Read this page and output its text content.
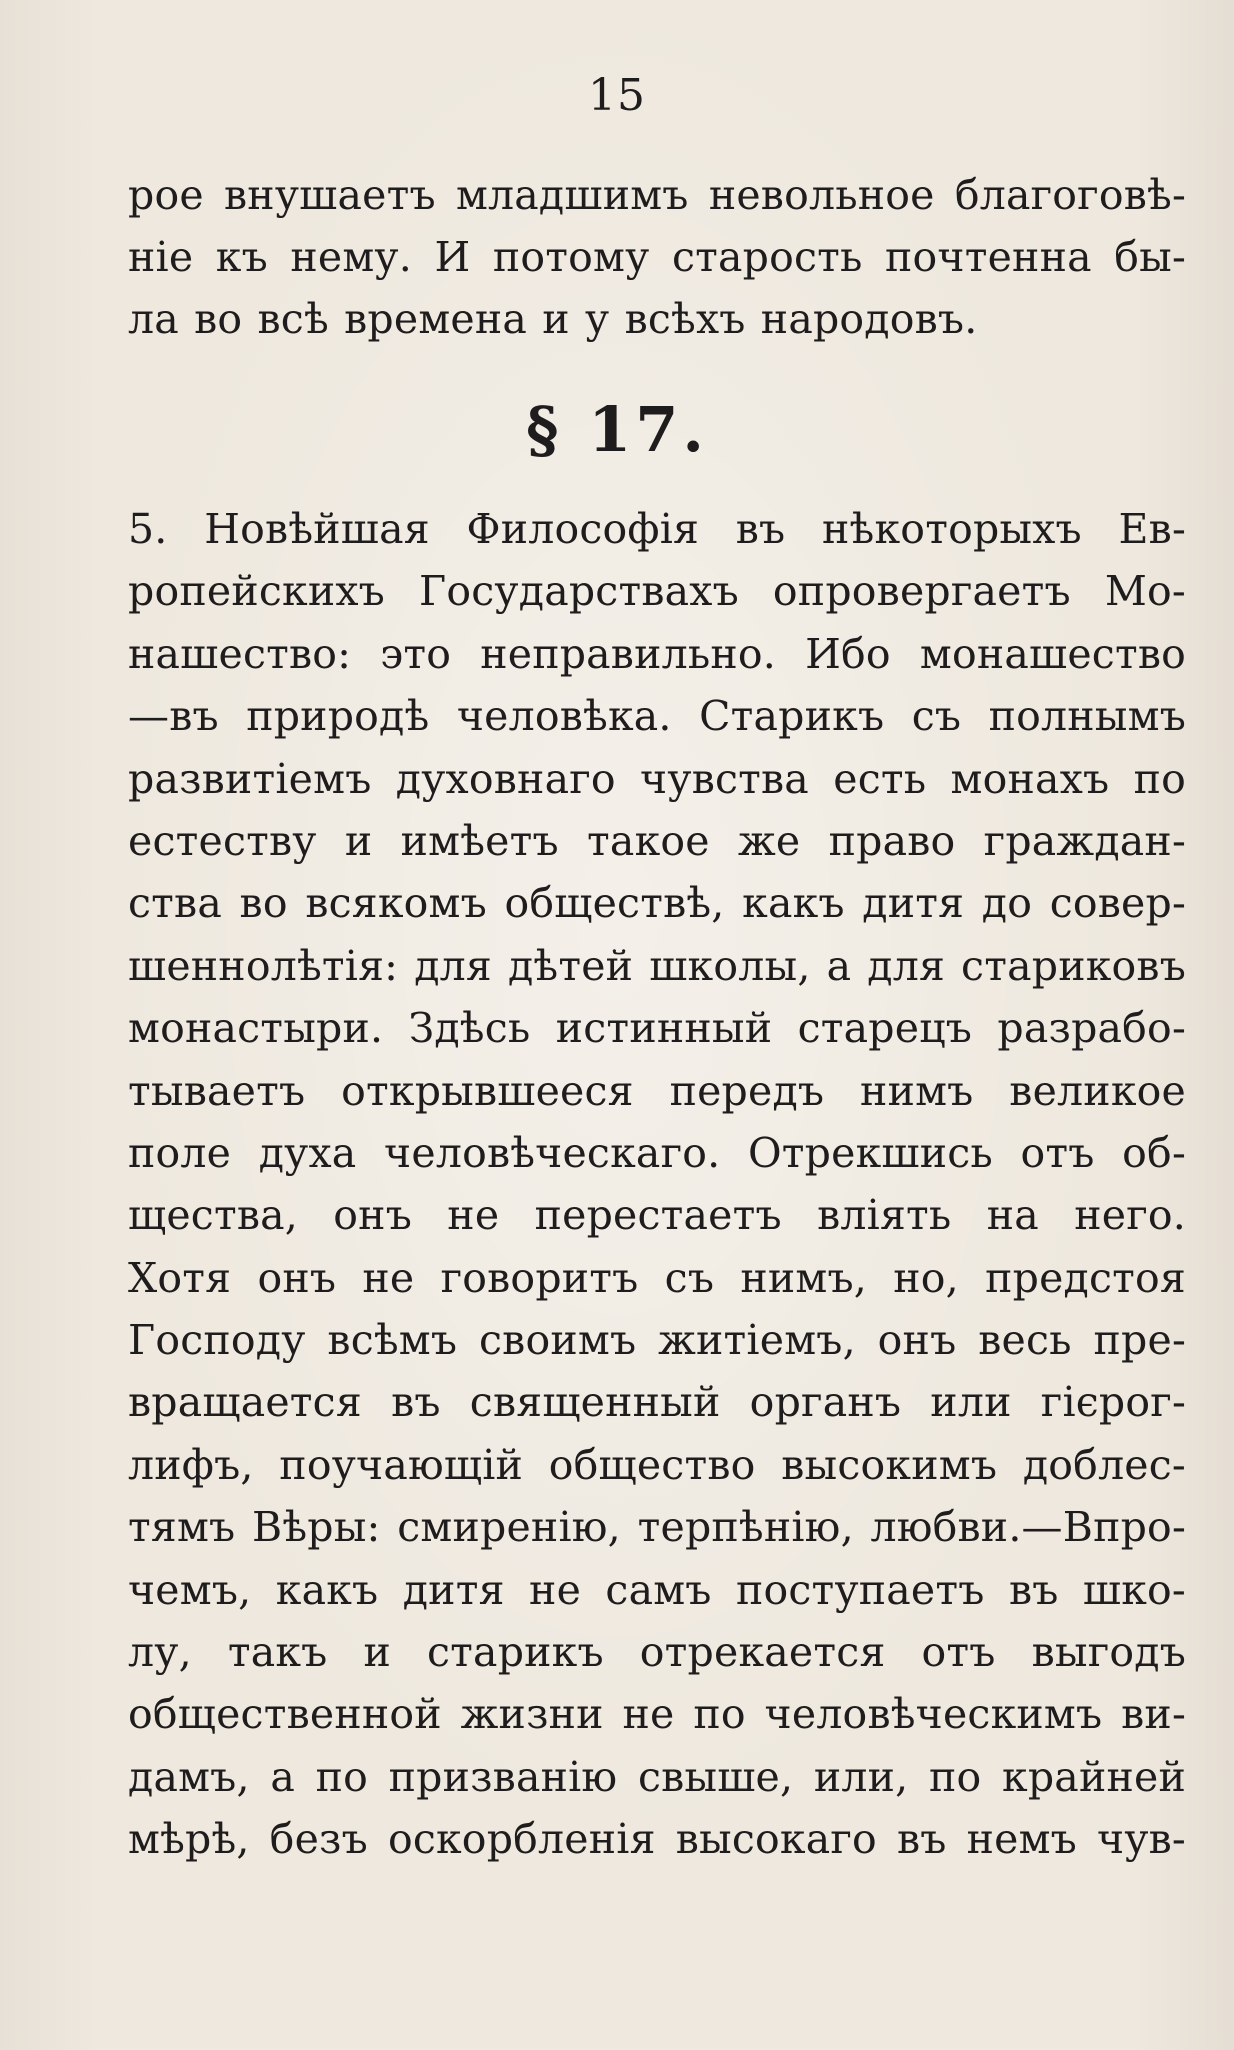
15
рое внушаетъ младшимъ невольное благоговѣ-
ніе къ нему. И потому старость почтенна бы-
ла во всѣ времена и у всѣхъ народовъ.
§ 17.
5. Новѣйшая Философія въ нѣкоторыхъ Ев-
ропейскихъ Государствахъ опровергаетъ Мо-
нашество: это неправильно. Ибо монашество
—въ природѣ человѣка. Старикъ съ полнымъ
развитіемъ духовнаго чувства есть монахъ по
естеству и имѣетъ такое же право граждан-
ства во всякомъ обществѣ, какъ дитя до совер-
шеннолѣтія: для дѣтей школы, а для стариковъ
монастыри. Здѣсь истинный старецъ разрабо-
тываетъ открывшееся передъ нимъ великое
поле духа человѣческаго. Отрекшись отъ об-
щества, онъ не перестаетъ вліять на него.
Хотя онъ не говоритъ съ нимъ, но, предстоя
Господу всѣмъ своимъ житіемъ, онъ весь пре-
вращается въ священный органъ или гієрог-
лифъ, поучающій общество высокимъ доблес-
тямъ Вѣры: смиренію, терпѣнію, любви.—Впро-
чемъ, какъ дитя не самъ поступаетъ въ шко-
лу, такъ и старикъ отрекается отъ выгодъ
общественной жизни не по человѣческимъ ви-
дамъ, а по призванію свыше, или, по крайней
мѣрѣ, безъ оскорбленія высокаго въ немъ чув-
